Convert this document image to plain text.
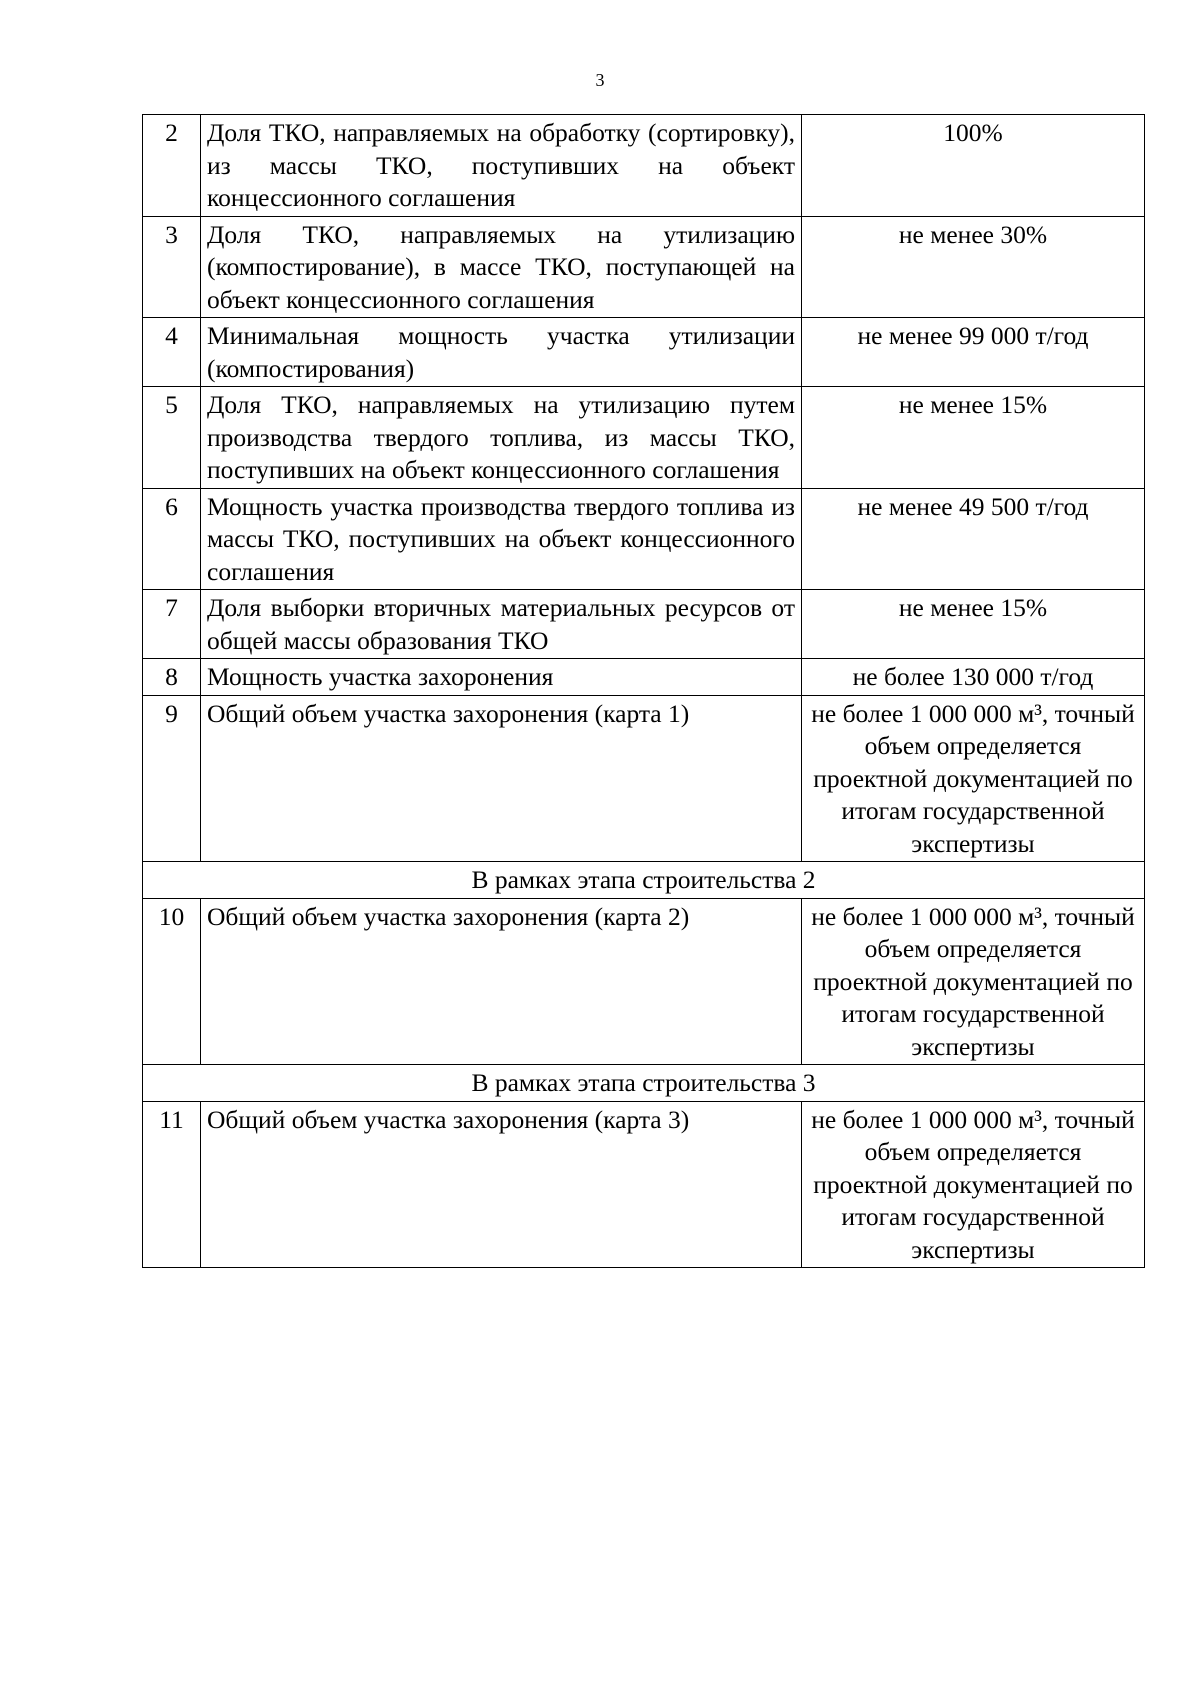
3
2	Доля ТКО, направляемых на обработку (сортировку), из массы ТКО, поступивших на объект концессионного соглашения	100%
3	Доля ТКО, направляемых на утилизацию (компостирование), в массе ТКО, поступающей на объект концессионного соглашения	не менее 30%
4	Минимальная мощность участка утилизации (компостирования)	не менее 99 000 т/год
5	Доля ТКО, направляемых на утилизацию путем производства твердого топлива, из массы ТКО, поступивших на объект концессионного соглашения	не менее 15%
6	Мощность участка производства твердого топлива из массы ТКО, поступивших на объект концессионного соглашения	не менее 49 500 т/год
7	Доля выборки вторичных материальных ресурсов от общей массы образования ТКО	не менее 15%
8	Мощность участка захоронения	не более 130 000 т/год
9	Общий объем участка захоронения (карта 1)	не более 1 000 000 м³, точный объем определяется проектной документацией по итогам государственной экспертизы
В рамках этапа строительства 2		
10	Общий объем участка захоронения (карта 2)	не более 1 000 000 м³, точный объем определяется проектной документацией по итогам государственной экспертизы
В рамках этапа строительства 3		
11	Общий объем участка захоронения (карта 3)	не более 1 000 000 м³, точный объем определяется проектной документацией по итогам государственной экспертизы
